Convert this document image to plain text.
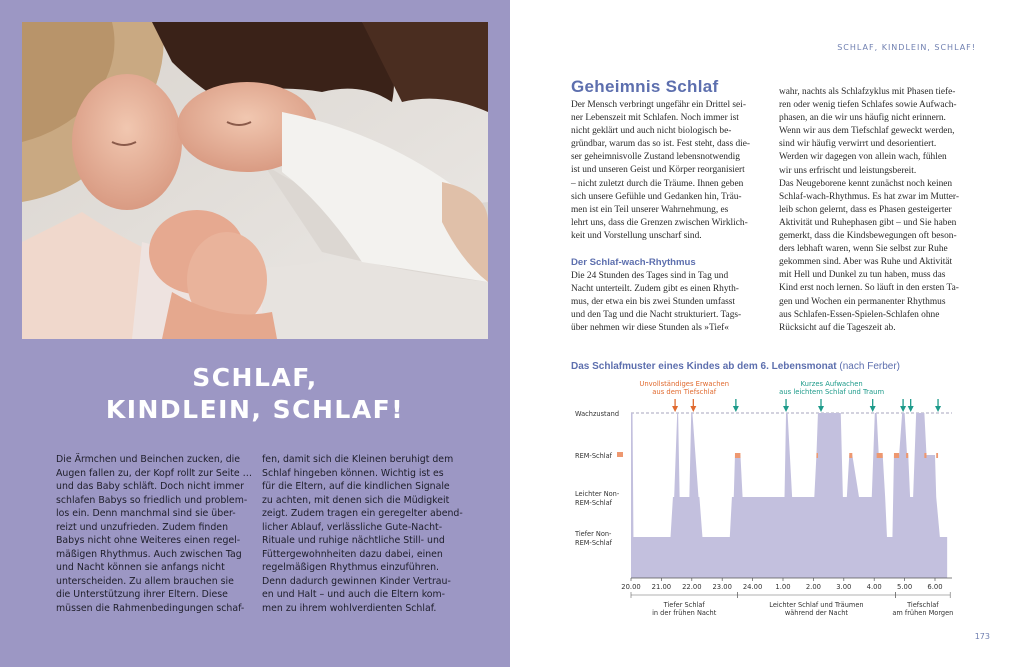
SCHLAF,
KINDLEIN, SCHLAF!
Die Ärmchen und Beinchen zucken, die
Augen fallen zu, der Kopf rollt zur Seite …
und das Baby schläft. Doch nicht immer
schlafen Babys so friedlich und problem-
los ein. Denn manchmal sind sie über-
reizt und unzufrieden. Zudem finden
Babys nicht ohne Weiteres einen regel-
mäßigen Rhythmus. Auch zwischen Tag
und Nacht können sie anfangs nicht
unterscheiden. Zu allem brauchen sie
die Unterstützung ihrer Eltern. Diese
müssen die Rahmenbedingungen schaf-
fen, damit sich die Kleinen beruhigt dem
Schlaf hingeben können. Wichtig ist es
für die Eltern, auf die kindlichen Signale
zu achten, mit denen sich die Müdigkeit
zeigt. Zudem tragen ein geregelter abend-
licher Ablauf, verlässliche Gute-Nacht-
Rituale und ruhige nächtliche Still- und
Füttergewohnheiten dazu dabei, einen
regelmäßigen Rhythmus einzuführen.
Denn dadurch gewinnen Kinder Vertrau-
en und Halt – und auch die Eltern kom-
men zu ihrem wohlverdienten Schlaf.
SCHLAF, KINDLEIN, SCHLAF!
Geheimnis Schlaf
Der Mensch verbringt ungefähr ein Drittel sei-
ner Lebenszeit mit Schlafen. Noch immer ist
nicht geklärt und auch nicht biologisch be-
gründbar, warum das so ist. Fest steht, dass die-
ser geheimnisvolle Zustand lebensnotwendig
ist und unseren Geist und Körper reorganisiert
– nicht zuletzt durch die Träume. Ihnen geben
sich unsere Gefühle und Gedanken hin, Träu-
men ist ein Teil unserer Wahrnehmung, es
lehrt uns, dass die Grenzen zwischen Wirklich-
keit und Vorstellung unscharf sind.
Der Schlaf-wach-Rhythmus
Die 24 Stunden des Tages sind in Tag und
Nacht unterteilt. Zudem gibt es einen Rhyth-
mus, der etwa ein bis zwei Stunden umfasst
und den Tag und die Nacht strukturiert. Tags-
über nehmen wir diese Stunden als »Tief«
wahr, nachts als Schlafzyklus mit Phasen tiefe-
ren oder wenig tiefen Schlafes sowie Aufwach-
phasen, an die wir uns häufig nicht erinnern.
Wenn wir aus dem Tiefschlaf geweckt werden,
sind wir häufig verwirrt und desorientiert.
Werden wir dagegen von allein wach, fühlen
wir uns erfrischt und leistungsbereit.
Das Neugeborene kennt zunächst noch keinen
Schlaf-wach-Rhythmus. Es hat zwar im Mutter-
leib schon gelernt, dass es Phasen gesteigerter
Aktivität und Ruhephasen gibt – und Sie haben
gemerkt, dass die Kindsbewegungen oft beson-
ders lebhaft waren, wenn Sie selbst zur Ruhe
gekommen sind. Aber was Ruhe und Aktivität
mit Hell und Dunkel zu tun haben, muss das
Kind erst noch lernen. So läuft in den ersten Ta-
gen und Wochen ein permanenter Rhythmus
aus Schlafen-Essen-Spielen-Schlafen ohne
Rücksicht auf die Tageszeit ab.
Das Schlafmuster eines Kindes ab dem 6. Lebensmonat (nach Ferber)
173
Wachzustand
REM-Schlaf
Leichter Non-
REM-Schlaf
Tiefer Non-
REM-Schlaf
20.00 21.00 22.00 23.00 24.00 1.00 2.00 3.00 4.00 5.00 6.00
Tiefer Schlaf
in der frühen Nacht
Leichter Schlaf und Träumen
während der Nacht
Tiefschlaf
am frühen Morgen
Unvollständiges Erwachen
aus dem Tiefschlaf
Kurzes Aufwachen
aus leichtem Schlaf und Traum
